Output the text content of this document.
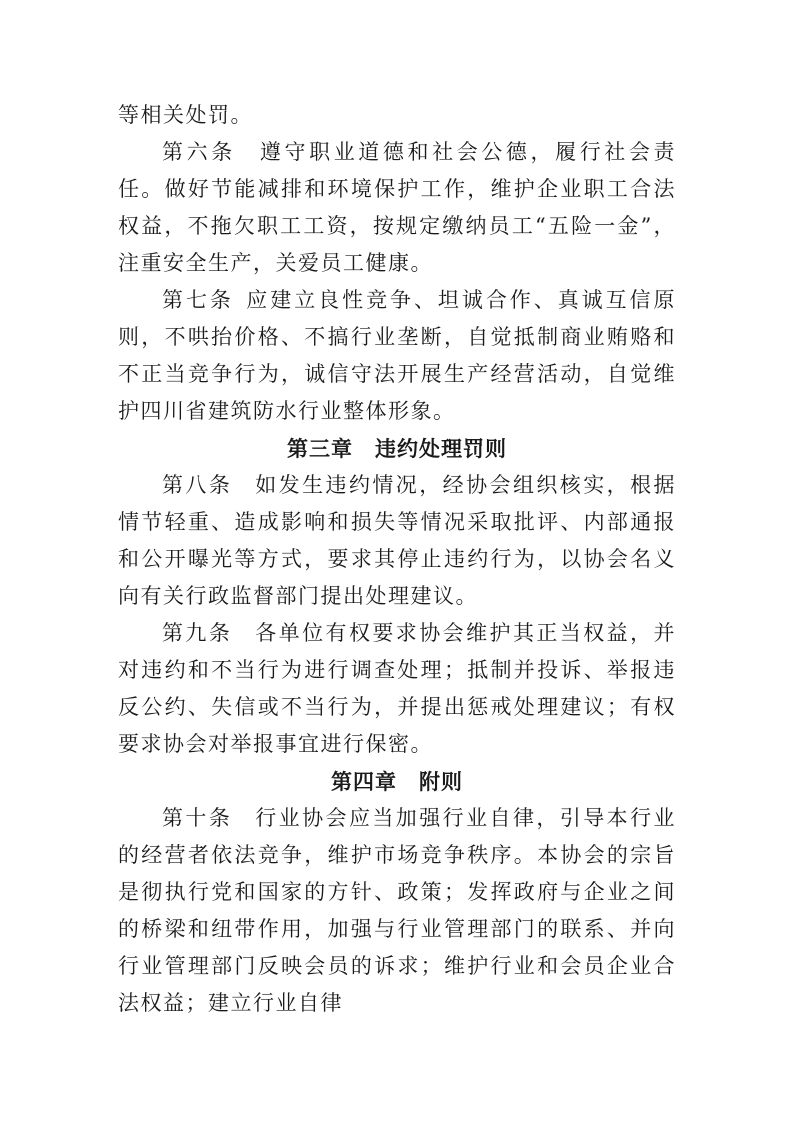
等相关处罚。

第六条 遵守职业道德和社会公德，履行社会责任。做好节能减排和环境保护工作，维护企业职工合法权益，不拖欠职工工资，按规定缴纳员工“五险一金”，注重安全生产，关爱员工健康。

第七条 应建立良性竞争、坦诚合作、真诚互信原则，不哄抬价格、不搞行业垄断，自觉抵制商业贿赂和不正当竞争行为，诚信守法开展生产经营活动，自觉维护四川省建筑防水行业整体形象。

第三章 违约处理罚则

第八条 如发生违约情况，经协会组织核实，根据情节轻重、造成影响和损失等情况采取批评、内部通报和公开曝光等方式，要求其停止违约行为，以协会名义向有关行政监督部门提出处理建议。

第九条 各单位有权要求协会维护其正当权益，并对违约和不当行为进行调查处理；抵制并投诉、举报违反公约、失信或不当行为，并提出惩戒处理建议；有权要求协会对举报事宜进行保密。

第四章 附则

第十条 行业协会应当加强行业自律，引导本行业的经营者依法竞争，维护市场竞争秩序。本协会的宗旨是彻执行党和国家的方针、政策；发挥政府与企业之间的桥梁和纽带作用，加强与行业管理部门的联系、并向行业管理部门反映会员的诉求；维护行业和会员企业合法权益；建立行业自律
